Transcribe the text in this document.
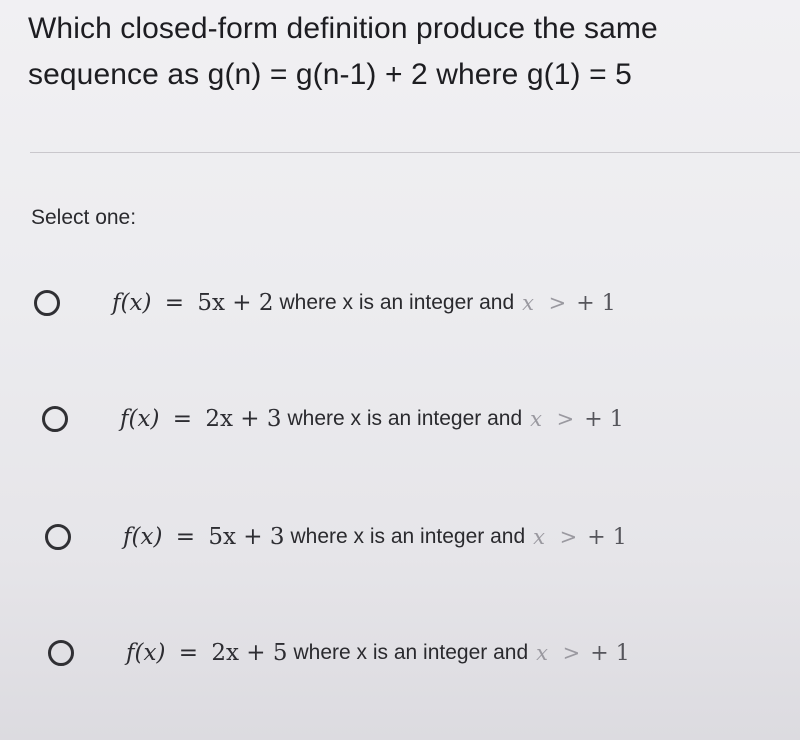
Which closed-form definition produce the same
sequence as g(n) = g(n-1) + 2 where g(1) = 5
Select one:
f(x) = 5x + 2 where x is an integer and x > + 1
f(x) = 2x + 3 where x is an integer and x > + 1
f(x) = 5x + 3 where x is an integer and x > + 1
f(x) = 2x + 5 where x is an integer and x > + 1
